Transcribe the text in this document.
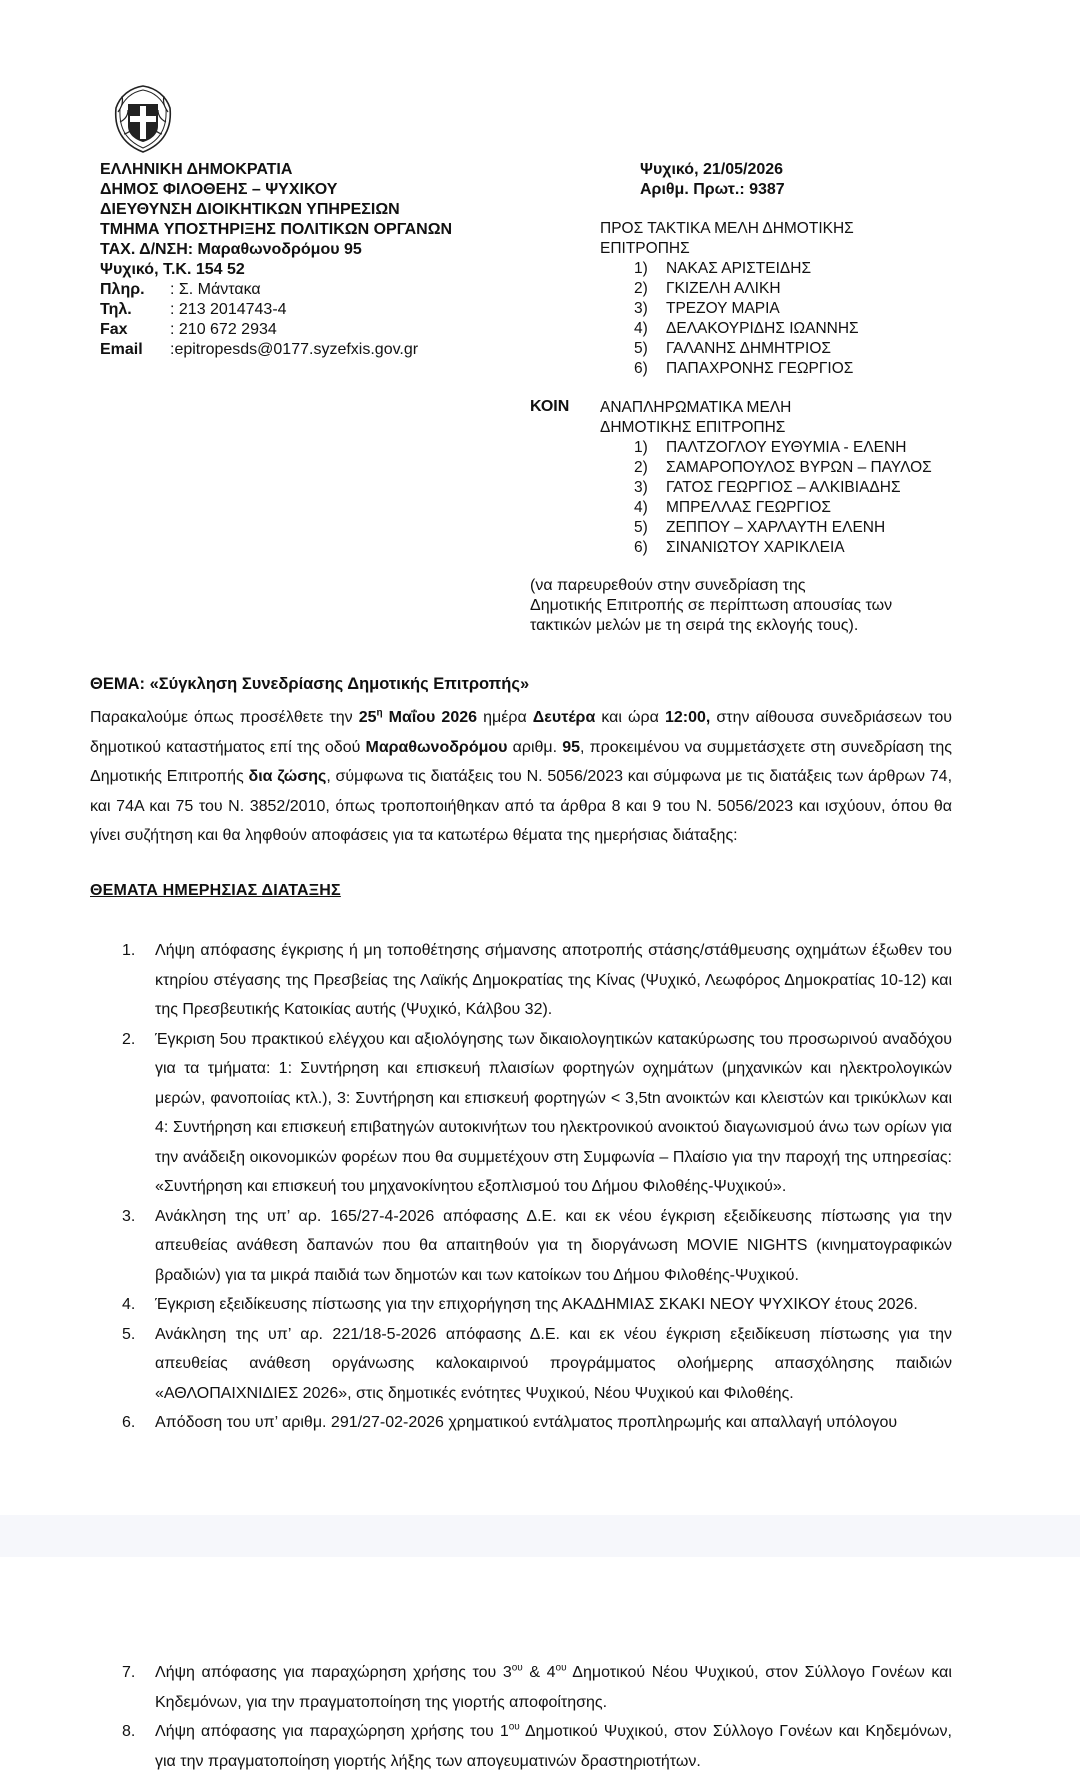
ΕΛΛΗΝΙΚΗ ΔΗΜΟΚΡΑΤΙΑ
ΔΗΜΟΣ ΦΙΛΟΘΕΗΣ – ΨΥΧΙΚΟΥ
ΔΙΕΥΘΥΝΣΗ ΔΙΟΙΚΗΤΙΚΩΝ ΥΠΗΡΕΣΙΩΝ
ΤΜΗΜΑ ΥΠΟΣΤΗΡΙΞΗΣ ΠΟΛΙΤΙΚΩΝ ΟΡΓΑΝΩΝ
ΤΑΧ. Δ/ΝΣΗ: Μαραθωνοδρόμου 95
Ψυχικό, Τ.Κ. 154 52
Πληρ. : Σ. Μάντακα
Τηλ. : 213 2014743-4
Fax	: 210 672 2934
Email :epitropesds@0177.syzefxis.gov.gr
Ψυχικό, 21/05/2026
Αριθμ. Πρωτ.: 9387
ΠΡΟΣ ΤΑΚΤΙΚΑ ΜΕΛΗ ΔΗΜΟΤΙΚΗΣ
ΕΠΙΤΡΟΠΗΣ
1) ΝΑΚΑΣ ΑΡΙΣΤΕΙΔΗΣ
2) ΓΚΙΖΕΛΗ ΑΛΙΚΗ
3) ΤΡΕΖΟΥ ΜΑΡΙΑ
4) ΔΕΛΑΚΟΥΡΙΔΗΣ ΙΩΑΝΝΗΣ
5) ΓΑΛΑΝΗΣ ΔΗΜΗΤΡΙΟΣ
6) ΠΑΠΑΧΡΟΝΗΣ ΓΕΩΡΓΙΟΣ
ΚΟΙΝ ΑΝΑΠΛΗΡΩΜΑΤΙΚΑ ΜΕΛΗ
ΔΗΜΟΤΙΚΗΣ ΕΠΙΤΡΟΠΗΣ
1) ΠΑΛΤΖΟΓΛΟΥ ΕΥΘΥΜΙΑ - ΕΛΕΝΗ
2) ΣΑΜΑΡΟΠΟΥΛΟΣ ΒΥΡΩΝ – ΠΑΥΛΟΣ
3) ΓΑΤΟΣ ΓΕΩΡΓΙΟΣ – ΑΛΚΙΒΙΑΔΗΣ
4) ΜΠΡΕΛΛΑΣ ΓΕΩΡΓΙΟΣ
5) ΖΕΠΠΟΥ – ΧΑΡΛΑΥΤΗ ΕΛΕΝΗ
6) ΣΙΝΑΝΙΩΤΟΥ ΧΑΡΙΚΛΕΙΑ
(να παρευρεθούν στην συνεδρίαση της
Δημοτικής Επιτροπής σε περίπτωση απουσίας των
τακτικών μελών με τη σειρά της εκλογής τους).
ΘΕΜΑ: «Σύγκληση Συνεδρίασης Δημοτικής Επιτροπής»
Παρακαλούμε όπως προσέλθετε την $25^\eta$ Μαΐου 2026 ημέρα Δευτέρα και ώρα 12:00, στην αίθουσα συνεδριάσεων του δημοτικού καταστήματος επί της οδού Μαραθωνοδρόμου αριθμ. 95, προκειμένου να συμμετάσχετε στη συνεδρίαση της Δημοτικής Επιτροπής δια ζώσης, σύμφωνα τις διατάξεις του Ν. 5056/2023 και σύμφωνα με τις διατάξεις των άρθρων 74, και 74Α και 75 του Ν. 3852/2010, όπως τροποποιήθηκαν από τα άρθρα 8 και 9 του Ν. 5056/2023 και ισχύουν, όπου θα γίνει συζήτηση και θα ληφθούν αποφάσεις για τα κατωτέρω θέματα της ημερήσιας διάταξης:
ΘΕΜΑΤΑ ΗΜΕΡΗΣΙΑΣ ΔΙΑΤΑΞΗΣ
1. Λήψη απόφασης έγκρισης ή μη τοποθέτησης σήμανσης αποτροπής στάσης/στάθμευσης οχημάτων έξωθεν του κτηρίου στέγασης της Πρεσβείας της Λαϊκής Δημοκρατίας της Κίνας (Ψυχικό, Λεωφόρος Δημοκρατίας 10-12) και της Πρεσβευτικής Κατοικίας αυτής (Ψυχικό, Κάλβου 32).
2. Έγκριση 5ου πρακτικού ελέγχου και αξιολόγησης των δικαιολογητικών κατακύρωσης του προσωρινού αναδόχου για τα τμήματα: 1: Συντήρηση και επισκευή πλαισίων φορτηγών οχημάτων (μηχανικών και ηλεκτρολογικών μερών, φανοποιίας κτλ.), 3: Συντήρηση και επισκευή φορτηγών < 3,5tn ανοικτών και κλειστών και τρικύκλων και 4: Συντήρηση και επισκευή επιβατηγών αυτοκινήτων του ηλεκτρονικού ανοικτού διαγωνισμού άνω των ορίων για την ανάδειξη οικονομικών φορέων που θα συμμετέχουν στη Συμφωνία – Πλαίσιο για την παροχή της υπηρεσίας: «Συντήρηση και επισκευή του μηχανοκίνητου εξοπλισμού του Δήμου Φιλοθέης-Ψυχικού».
3. Ανάκληση της υπ’ αρ. 165/27-4-2026 απόφασης Δ.Ε. και εκ νέου έγκριση εξειδίκευσης πίστωσης για την απευθείας ανάθεση δαπανών που θα απαιτηθούν για τη διοργάνωση MOVIE NIGHTS (κινηματογραφικών βραδιών) για τα μικρά παιδιά των δημοτών και των κατοίκων του Δήμου Φιλοθέης-Ψυχικού.
4. Έγκριση εξειδίκευσης πίστωσης για την επιχορήγηση της ΑΚΑΔΗΜΙΑΣ ΣΚΑΚΙ ΝΕΟΥ ΨΥΧΙΚΟΥ έτους 2026.
5. Ανάκληση της υπ’ αρ. 221/18-5-2026 απόφασης Δ.Ε. και εκ νέου έγκριση εξειδίκευση πίστωσης για την απευθείας ανάθεση οργάνωσης καλοκαιρινού προγράμματος ολοήμερης απασχόλησης παιδιών «ΑΘΛΟΠΑΙΧΝΙΔΙΕΣ 2026», στις δημοτικές ενότητες Ψυχικού, Νέου Ψυχικού και Φιλοθέης.
6. Απόδοση του υπ’ αριθμ. 291/27-02-2026 χρηματικού εντάλματος προπληρωμής και απαλλαγή υπόλογου
7. Λήψη απόφασης για παραχώρηση χρήσης του $3^{o\upsilon}$ & $4^{o\upsilon}$ Δημοτικού Νέου Ψυχικού, στον Σύλλογο Γονέων και Κηδεμόνων, για την πραγματοποίηση της γιορτής αποφοίτησης.
8. Λήψη απόφασης για παραχώρηση χρήσης του $1^{o\upsilon}$ Δημοτικού Ψυχικού, στον Σύλλογο Γονέων και Κηδεμόνων, για την πραγματοποίηση γιορτής λήξης των απογευματινών δραστηριοτήτων.
